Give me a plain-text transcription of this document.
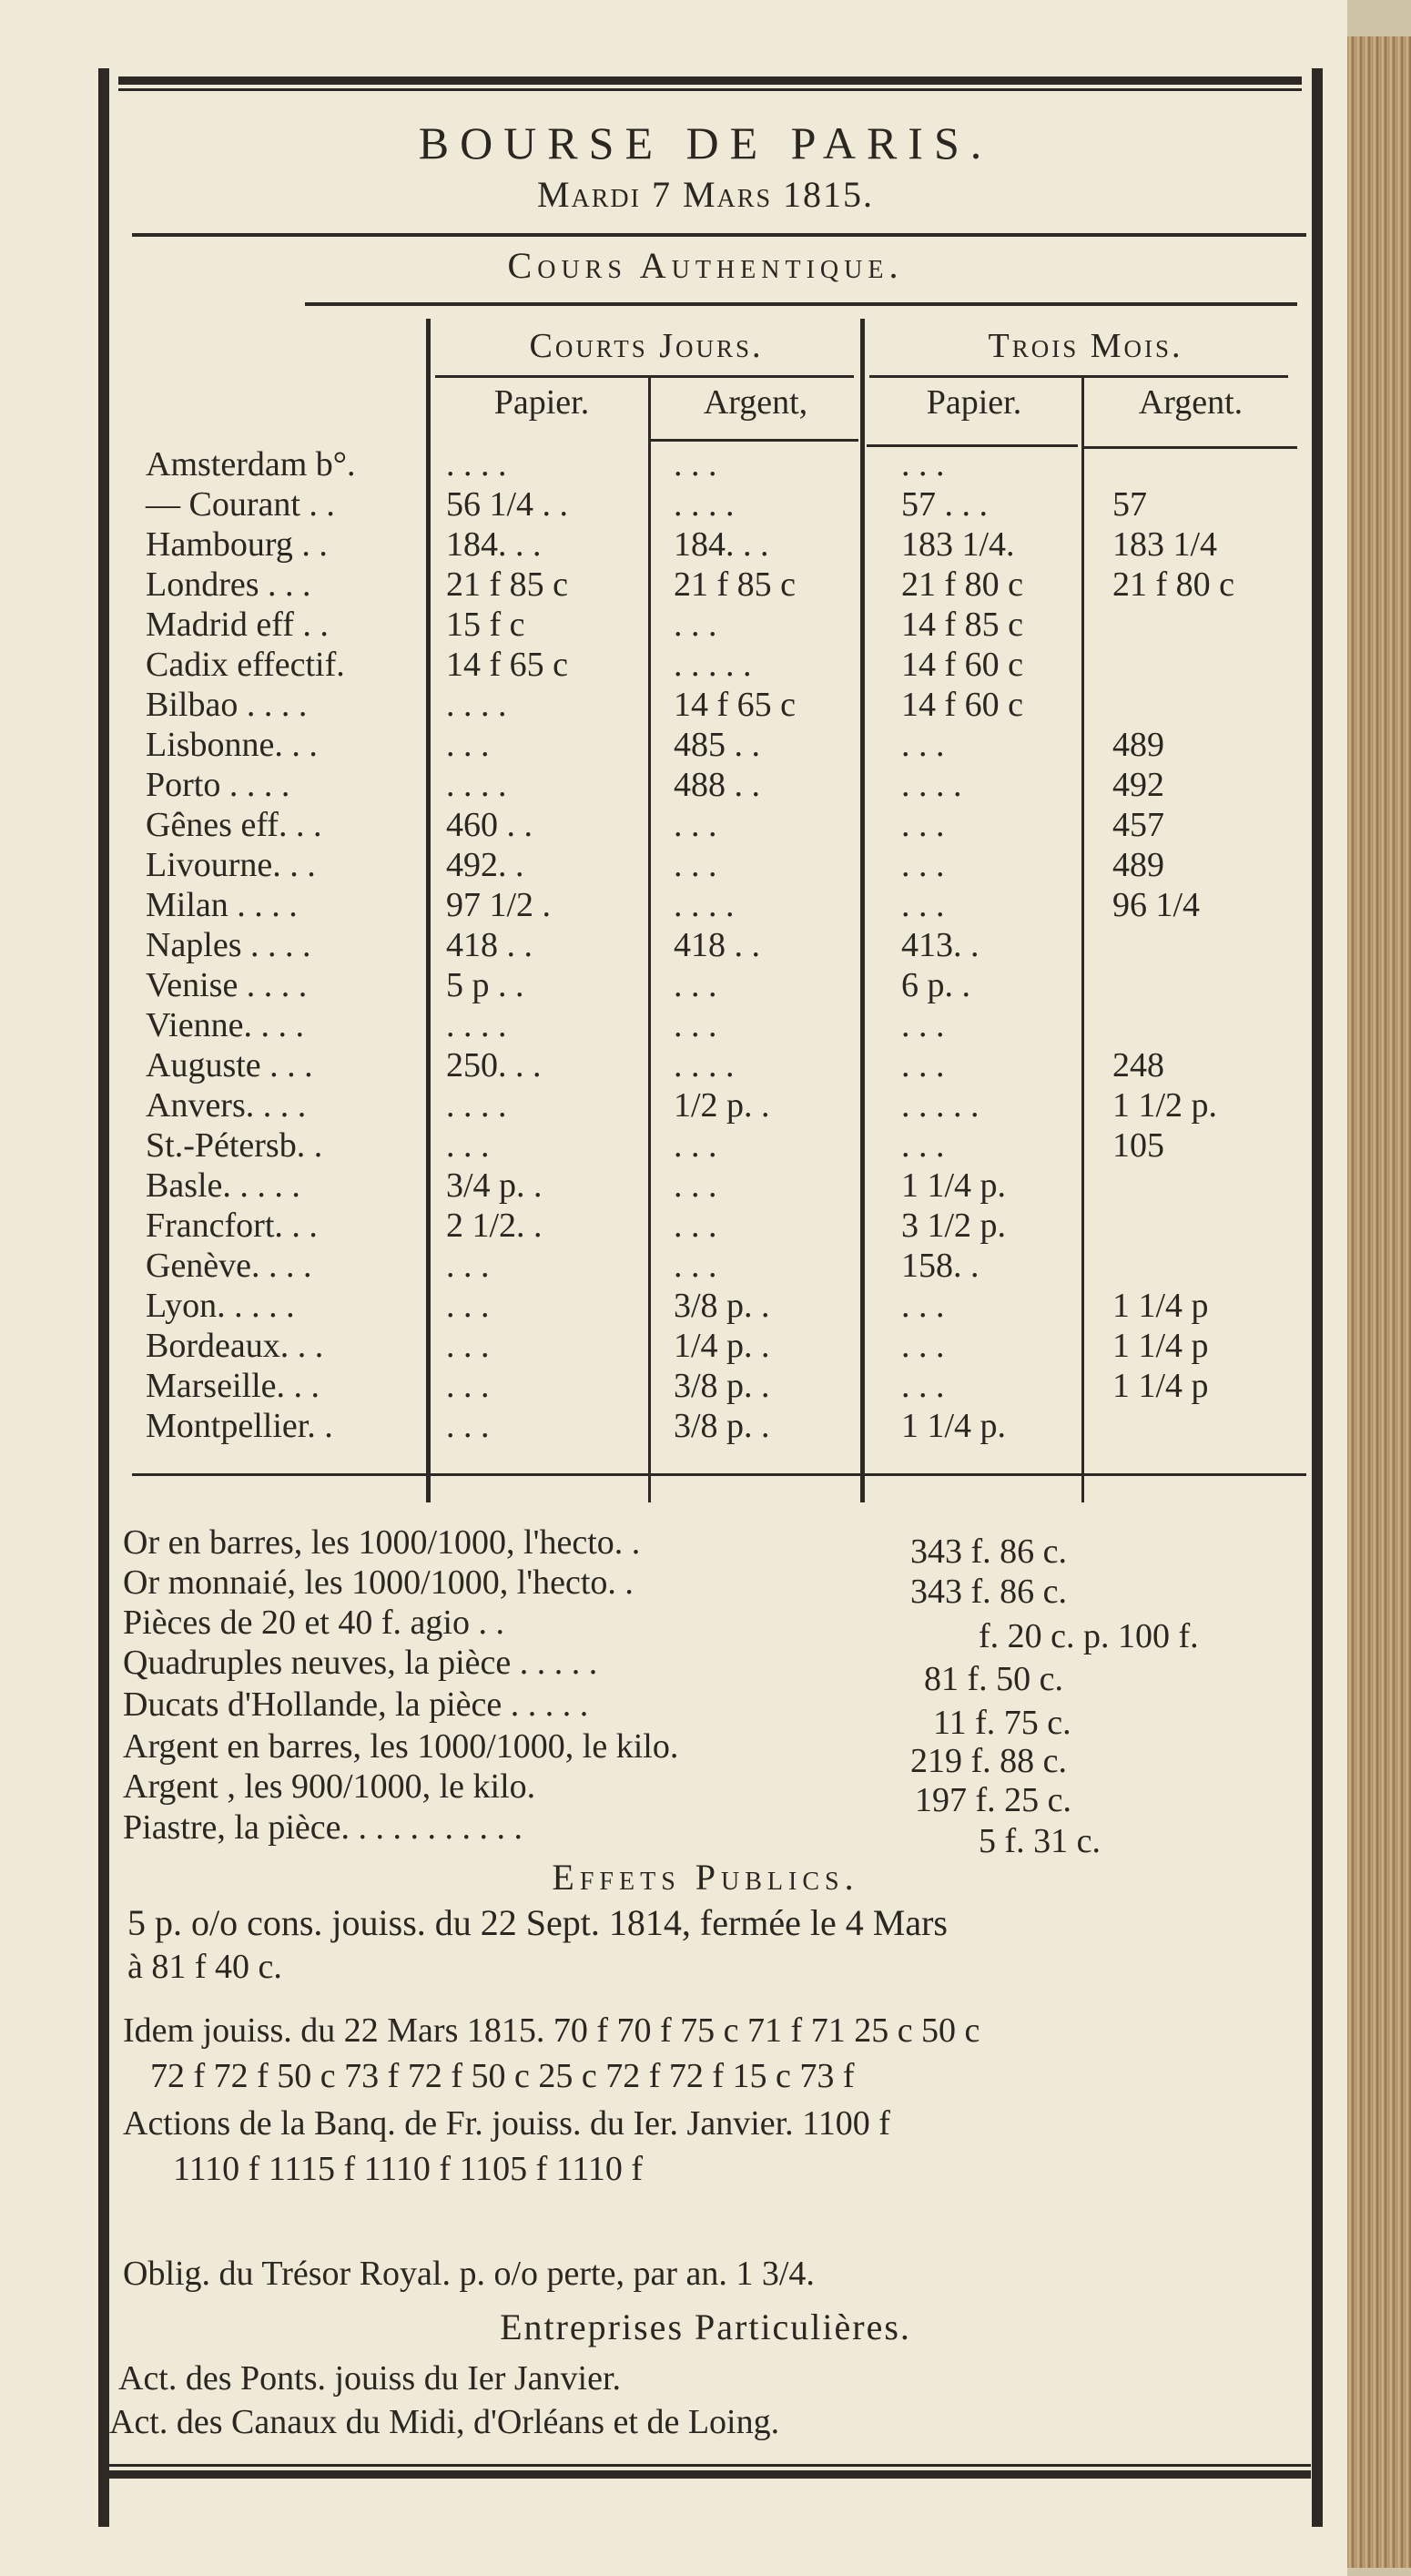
BOURSE DE PARIS.
Mardi 7 Mars 1815.
Cours Authentique.
Courts Jours.	Trois Mois.
Papier.	Argent,	Papier.	Argent.
Amsterdam b°.	. . . .	. . .	. . .
— Courant . .	56 1/4 . .	. . . .	57 . . .	57
Hambourg . .	184. . .	184. . .	183 1/4.	183 1/4
Londres . . .	21 f 85 c	21 f 85 c	21 f 80 c	21 f 80 c
Madrid eff . .	15 f c	. . .	14 f 85 c
Cadix effectif.	14 f 65 c	. . . . .	14 f 60 c
Bilbao . . . .	. . . .	14 f 65 c	14 f 60 c
Lisbonne. . .	. . .	485 . .	. . .	489
Porto . . . .	. . . .	488 . .	. . . .	492
Gênes eff. . .	460 . .	. . .	. . .	457
Livourne. . .	492. .	. . .	. . .	489
Milan . . . .	97 1/2 .	. . . .	. . .	96 1/4
Naples . . . .	418 . .	418 . .	413. .
Venise . . . .	5 p . .	. . .	6 p. .
Vienne. . . .	. . . .	. . .	. . .
Auguste . . .	250. . .	. . . .	. . .	248
Anvers. . . .	. . . .	1/2 p. .	. . . . .	1 1/2 p.
St.-Pétersb. .	. . .	. . .	. . .	105
Basle. . . . .	3/4 p. .	. . .	1 1/4 p.
Francfort. . .	2 1/2. .	. . .	3 1/2 p.
Genève. . . .	. . .	. . .	158. .
Lyon. . . . .	. . .	3/8 p. .	. . .	1 1/4 p
Bordeaux. . .	. . .	1/4 p. .	. . .	1 1/4 p
Marseille. . .	. . .	3/8 p. .	. . .	1 1/4 p
Montpellier. .	. . .	3/8 p. .	1 1/4 p.
Or en barres, les 1000/1000, l'hecto. .	343 f. 86 c.
Or monnaié, les 1000/1000, l'hecto. .	343 f. 86 c.
Pièces de 20 et 40 f. agio . .	f. 20 c. p. 100 f.
Quadruples neuves, la pièce . . . . .	81 f. 50 c.
Ducats d'Hollande, la pièce . . . . .	11 f. 75 c.
Argent en barres, les 1000/1000, le kilo.	219 f. 88 c.
Argent , les 900/1000, le kilo.	197 f. 25 c.
Piastre, la pièce. . . . . . . . . . .	5 f. 31 c.
Effets Publics.
5 p. o/o cons. jouiss. du 22 Sept. 1814, fermée le 4 Mars
à 81 f 40 c.
Idem jouiss. du 22 Mars 1815. 70 f 70 f 75 c 71 f 71 25 c 50 c
72 f 72 f 50 c 73 f 72 f 50 c 25 c 72 f 72 f 15 c 73 f
Actions de la Banq. de Fr. jouiss. du Ier. Janvier. 1100 f
1110 f 1115 f 1110 f 1105 f 1110 f
Oblig. du Trésor Royal. p. o/o perte, par an. 1 3/4.
Entreprises Particulières.
Act. des Ponts. jouiss du Ier Janvier.
Act. des Canaux du Midi, d'Orléans et de Loing.
